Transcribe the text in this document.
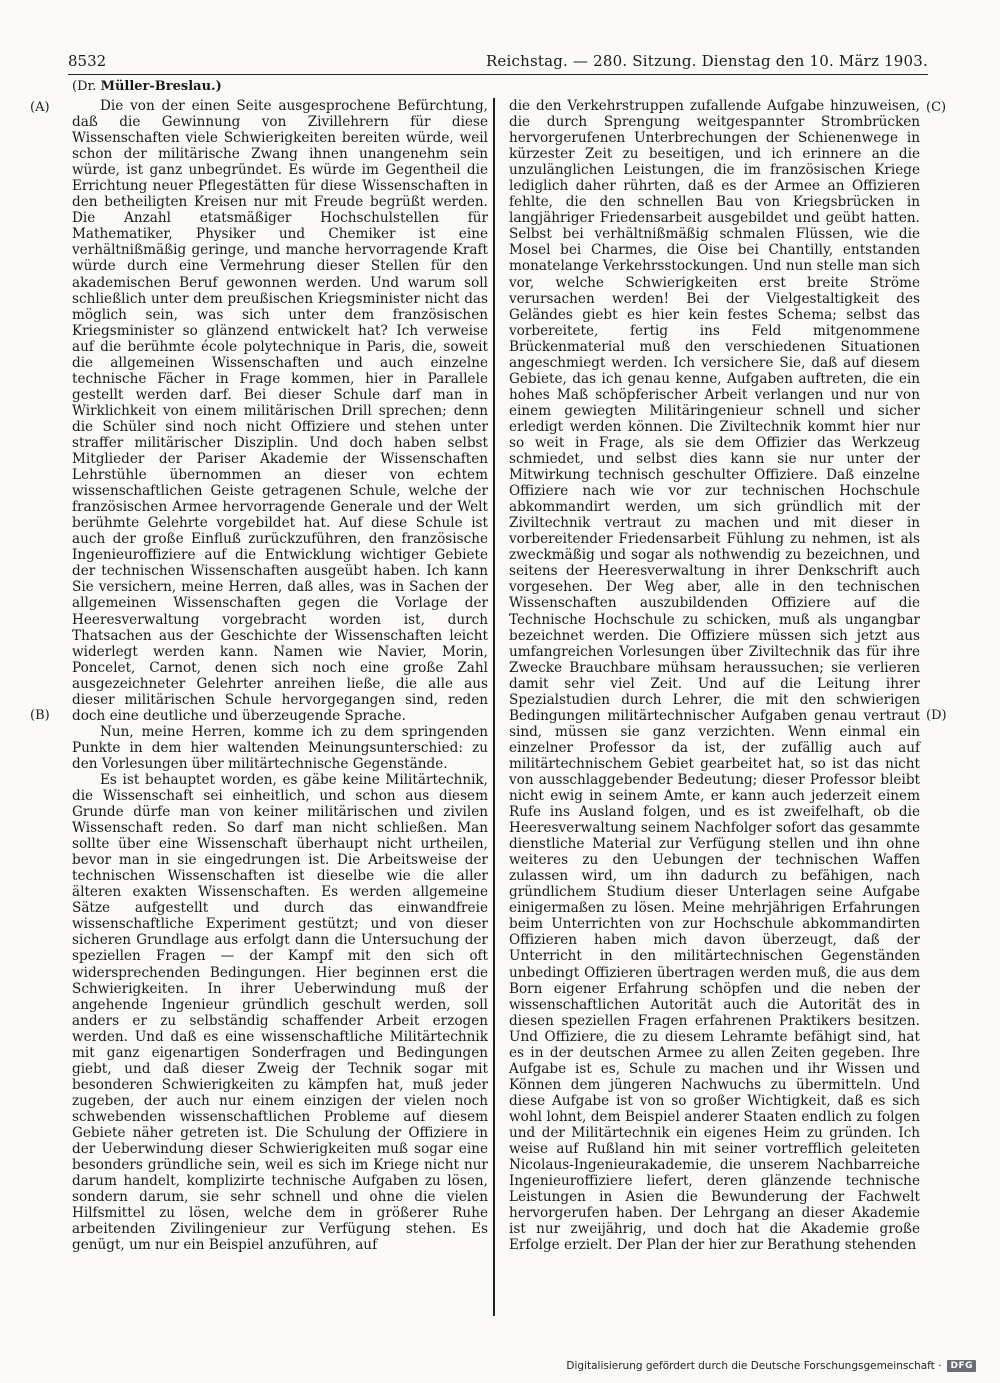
8532	Reichstag. — 280. Sitzung. Dienstag den 10. März 1903.
(Dr. Müller-Breslau.)
(A)
(B)
(C)
(D)

Die von der einen Seite ausgesprochene Befürchtung, daß die Gewinnung von Zivillehrern für diese Wissenschaften viele Schwierigkeiten bereiten würde, weil schon der militärische Zwang ihnen unangenehm sein würde, ist ganz unbegründet. Es würde im Gegentheil die Errichtung neuer Pflegestätten für diese Wissenschaften in den betheiligten Kreisen nur mit Freude begrüßt werden. Die Anzahl etatsmäßiger Hochschulstellen für Mathematiker, Physiker und Chemiker ist eine verhältnißmäßig geringe, und manche hervorragende Kraft würde durch eine Vermehrung dieser Stellen für den akademischen Beruf gewonnen werden. Und warum soll schließlich unter dem preußischen Kriegsminister nicht das möglich sein, was sich unter dem französischen Kriegsminister so glänzend entwickelt hat? Ich verweise auf die berühmte école polytechnique in Paris, die, soweit die allgemeinen Wissenschaften und auch einzelne technische Fächer in Frage kommen, hier in Parallele gestellt werden darf. Bei dieser Schule darf man in Wirklichkeit von einem militärischen Drill sprechen; denn die Schüler sind noch nicht Offiziere und stehen unter straffer militärischer Disziplin. Und doch haben selbst Mitglieder der Pariser Akademie der Wissenschaften Lehrstühle übernommen an dieser von echtem wissenschaftlichen Geiste getragenen Schule, welche der französischen Armee hervorragende Generale und der Welt berühmte Gelehrte vorgebildet hat. Auf diese Schule ist auch der große Einfluß zurückzuführen, den französische Ingenieuroffiziere auf die Entwicklung wichtiger Gebiete der technischen Wissenschaften ausgeübt haben. Ich kann Sie versichern, meine Herren, daß alles, was in Sachen der allgemeinen Wissenschaften gegen die Vorlage der Heeresverwaltung vorgebracht worden ist, durch Thatsachen aus der Geschichte der Wissenschaften leicht widerlegt werden kann. Namen wie Navier, Morin, Poncelet, Carnot, denen sich noch eine große Zahl ausgezeichneter Gelehrter anreihen ließe, die alle aus dieser militärischen Schule hervorgegangen sind, reden doch eine deutliche und überzeugende Sprache.

Nun, meine Herren, komme ich zu dem springenden Punkte in dem hier waltenden Meinungsunterschied: zu den Vorlesungen über militärtechnische Gegenstände.

Es ist behauptet worden, es gäbe keine Militärtechnik, die Wissenschaft sei einheitlich, und schon aus diesem Grunde dürfe man von keiner militärischen und zivilen Wissenschaft reden. So darf man nicht schließen. Man sollte über eine Wissenschaft überhaupt nicht urtheilen, bevor man in sie eingedrungen ist. Die Arbeitsweise der technischen Wissenschaften ist dieselbe wie die aller älteren exakten Wissenschaften. Es werden allgemeine Sätze aufgestellt und durch das einwandfreie wissenschaftliche Experiment gestützt; und von dieser sicheren Grundlage aus erfolgt dann die Untersuchung der speziellen Fragen — der Kampf mit den sich oft widersprechenden Bedingungen. Hier beginnen erst die Schwierigkeiten. In ihrer Ueberwindung muß der angehende Ingenieur gründlich geschult werden, soll anders er zu selbständig schaffender Arbeit erzogen werden. Und daß es eine wissenschaftliche Militärtechnik mit ganz eigenartigen Sonderfragen und Bedingungen giebt, und daß dieser Zweig der Technik sogar mit besonderen Schwierigkeiten zu kämpfen hat, muß jeder zugeben, der auch nur einem einzigen der vielen noch schwebenden wissenschaftlichen Probleme auf diesem Gebiete näher getreten ist. Die Schulung der Offiziere in der Ueberwindung dieser Schwierigkeiten muß sogar eine besonders gründliche sein, weil es sich im Kriege nicht nur darum handelt, komplizirte technische Aufgaben zu lösen, sondern darum, sie sehr schnell und ohne die vielen Hilfsmittel zu lösen, welche dem in größerer Ruhe arbeitenden Zivilingenieur zur Verfügung stehen. Es genügt, um nur ein Beispiel anzuführen, auf

die den Verkehrstruppen zufallende Aufgabe hinzuweisen, die durch Sprengung weitgespannter Strombrücken hervorgerufenen Unterbrechungen der Schienenwege in kürzester Zeit zu beseitigen, und ich erinnere an die unzulänglichen Leistungen, die im französischen Kriege lediglich daher rührten, daß es der Armee an Offizieren fehlte, die den schnellen Bau von Kriegsbrücken in langjähriger Friedensarbeit ausgebildet und geübt hatten. Selbst bei verhältnißmäßig schmalen Flüssen, wie die Mosel bei Charmes, die Oise bei Chantilly, entstanden monatelange Verkehrsstockungen. Und nun stelle man sich vor, welche Schwierigkeiten erst breite Ströme verursachen werden! Bei der Vielgestaltigkeit des Geländes giebt es hier kein festes Schema; selbst das vorbereitete, fertig ins Feld mitgenommene Brückenmaterial muß den verschiedenen Situationen angeschmiegt werden. Ich versichere Sie, daß auf diesem Gebiete, das ich genau kenne, Aufgaben auftreten, die ein hohes Maß schöpferischer Arbeit verlangen und nur von einem gewiegten Militäringenieur schnell und sicher erledigt werden können. Die Ziviltechnik kommt hier nur so weit in Frage, als sie dem Offizier das Werkzeug schmiedet, und selbst dies kann sie nur unter der Mitwirkung technisch geschulter Offiziere. Daß einzelne Offiziere nach wie vor zur technischen Hochschule abkommandirt werden, um sich gründlich mit der Ziviltechnik vertraut zu machen und mit dieser in vorbereitender Friedensarbeit Fühlung zu nehmen, ist als zweckmäßig und sogar als nothwendig zu bezeichnen, und seitens der Heeresverwaltung in ihrer Denkschrift auch vorgesehen. Der Weg aber, alle in den technischen Wissenschaften auszubildenden Offiziere auf die Technische Hochschule zu schicken, muß als ungangbar bezeichnet werden. Die Offiziere müssen sich jetzt aus umfangreichen Vorlesungen über Ziviltechnik das für ihre Zwecke Brauchbare mühsam heraussuchen; sie verlieren damit sehr viel Zeit. Und auf die Leitung ihrer Spezialstudien durch Lehrer, die mit den schwierigen Bedingungen militärtechnischer Aufgaben genau vertraut sind, müssen sie ganz verzichten. Wenn einmal ein einzelner Professor da ist, der zufällig auch auf militärtechnischem Gebiet gearbeitet hat, so ist das nicht von ausschlaggebender Bedeutung; dieser Professor bleibt nicht ewig in seinem Amte, er kann auch jederzeit einem Rufe ins Ausland folgen, und es ist zweifelhaft, ob die Heeresverwaltung seinem Nachfolger sofort das gesammte dienstliche Material zur Verfügung stellen und ihn ohne weiteres zu den Uebungen der technischen Waffen zulassen wird, um ihn dadurch zu befähigen, nach gründlichem Studium dieser Unterlagen seine Aufgabe einigermaßen zu lösen. Meine mehrjährigen Erfahrungen beim Unterrichten von zur Hochschule abkommandirten Offizieren haben mich davon überzeugt, daß der Unterricht in den militärtechnischen Gegenständen unbedingt Offizieren übertragen werden muß, die aus dem Born eigener Erfahrung schöpfen und die neben der wissenschaftlichen Autorität auch die Autorität des in diesen speziellen Fragen erfahrenen Praktikers besitzen. Und Offiziere, die zu diesem Lehramte befähigt sind, hat es in der deutschen Armee zu allen Zeiten gegeben. Ihre Aufgabe ist es, Schule zu machen und ihr Wissen und Können dem jüngeren Nachwuchs zu übermitteln. Und diese Aufgabe ist von so großer Wichtigkeit, daß es sich wohl lohnt, dem Beispiel anderer Staaten endlich zu folgen und der Militärtechnik ein eigenes Heim zu gründen. Ich weise auf Rußland hin mit seiner vortrefflich geleiteten Nicolaus-Ingenieurakademie, die unserem Nachbarreiche Ingenieuroffiziere liefert, deren glänzende technische Leistungen in Asien die Bewunderung der Fachwelt hervorgerufen haben. Der Lehrgang an dieser Akademie ist nur zweijährig, und doch hat die Akademie große Erfolge erzielt. Der Plan der hier zur Berathung stehenden

Digitalisierung gefördert durch die Deutsche Forschungsgemeinschaft ·	DFG
